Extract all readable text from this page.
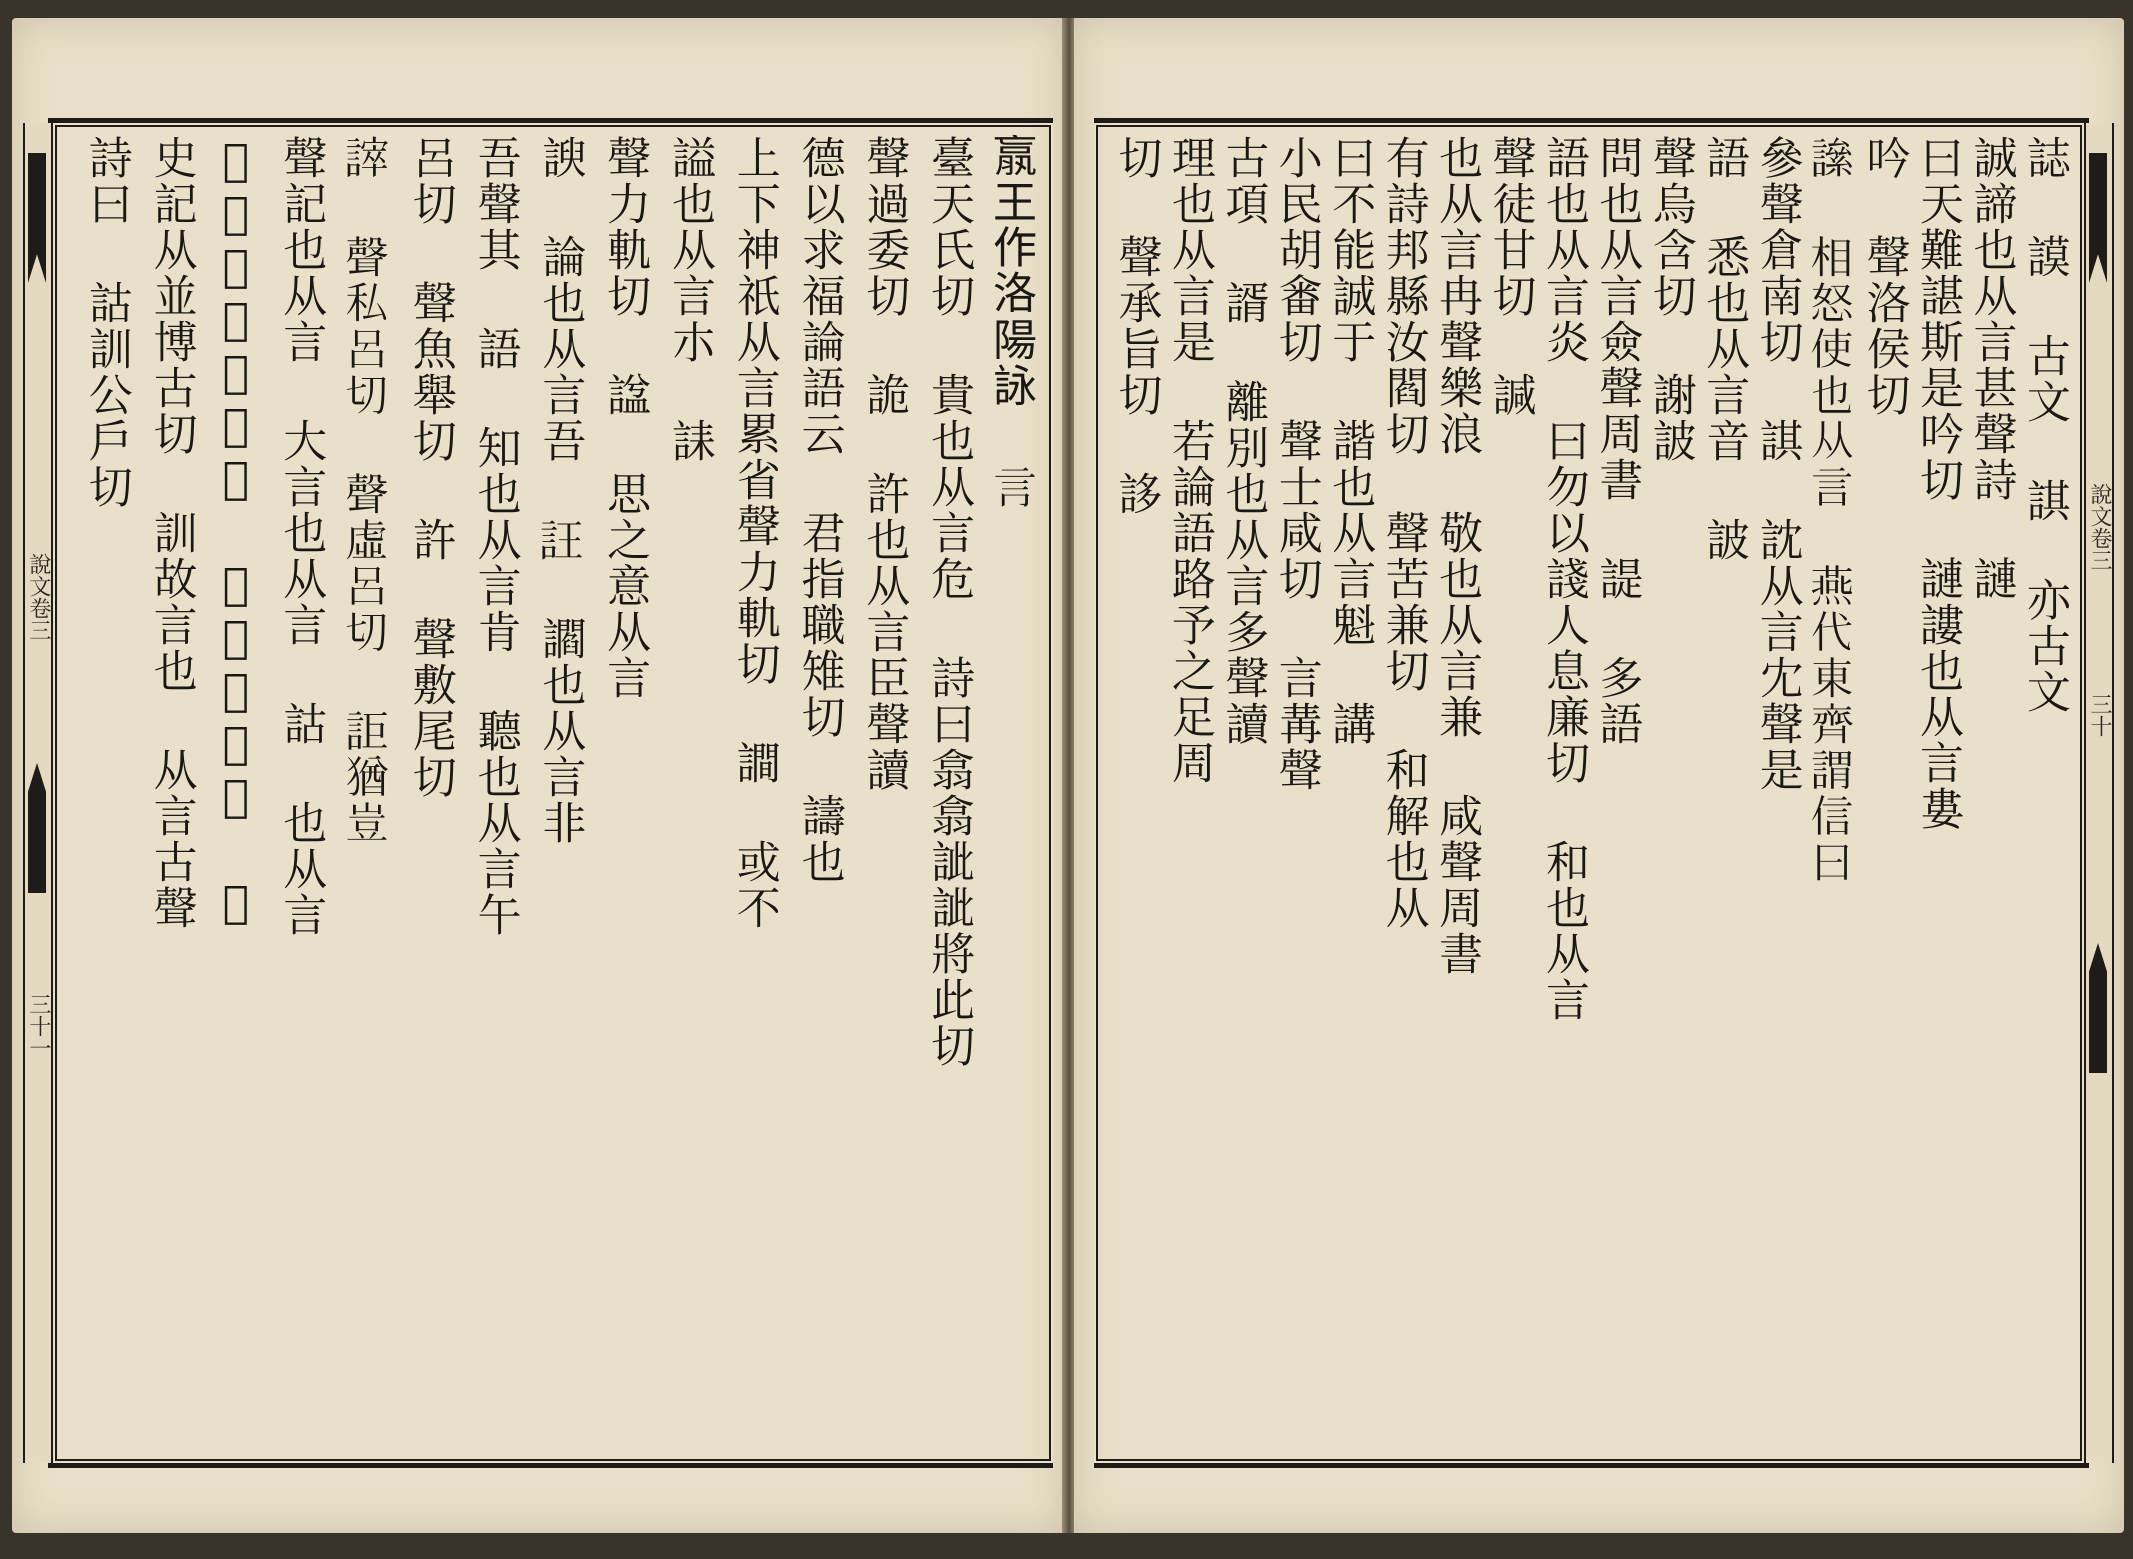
說文卷三
三十一
𣎆王作洛陽詠 𧥛
臺天氏切 貴也从言危 詩曰翕翕訿訿將此切
聲過委切 詭 許也从言臣聲讀
德以求福論語云 君指職雉切 譸也
上下神祇从言累省聲力軌切 𧬘 或不
謚也从言朩 誄
聲力軌切 諡 思之意从言
諛 論也从言吾 𧥶 讇也从言非
吾聲其 語 知也从言肯 聽也从言午
呂切 聲魚舉切 許 聲敷尾切
𧫒 聲私呂切 聲虛呂切 詎猶豈
聲記也从言 大言也从言 詁 也从言
𥚁錄也从言普聲 羽聲況羽切 譜
史記从並博古切 訓故言也 从言古聲
詩曰 詁訓公戶切
說文卷三
三十
誌 謨 古文 諆 亦古文
誠諦也从言甚聲詩 謰
曰天難諶斯是吟切 謰謱也从言婁
吟 聲洛侯切
𧬀 相怒使也从言 燕代東齊謂信曰
參聲倉南切 諆 訦从言冘聲是
語 悉也从言音 詖
聲烏含切 謝詖
問也从言僉聲周書 諟 多語
語也从言炎 曰勿以諓人息廉切 和也从言
聲徒甘切 諴
也从言冉聲樂浪 敬也从言兼 咸聲周書
有詩邦縣汝閻切 聲苦兼切 和解也从
曰不能誠于 諧也从言魁 講
小民胡𤲞切 聲士咸切 言冓聲
古項 諝 離別也从言多聲讀
理也从言是 若論語路予之足周
切 聲承旨切 誃
